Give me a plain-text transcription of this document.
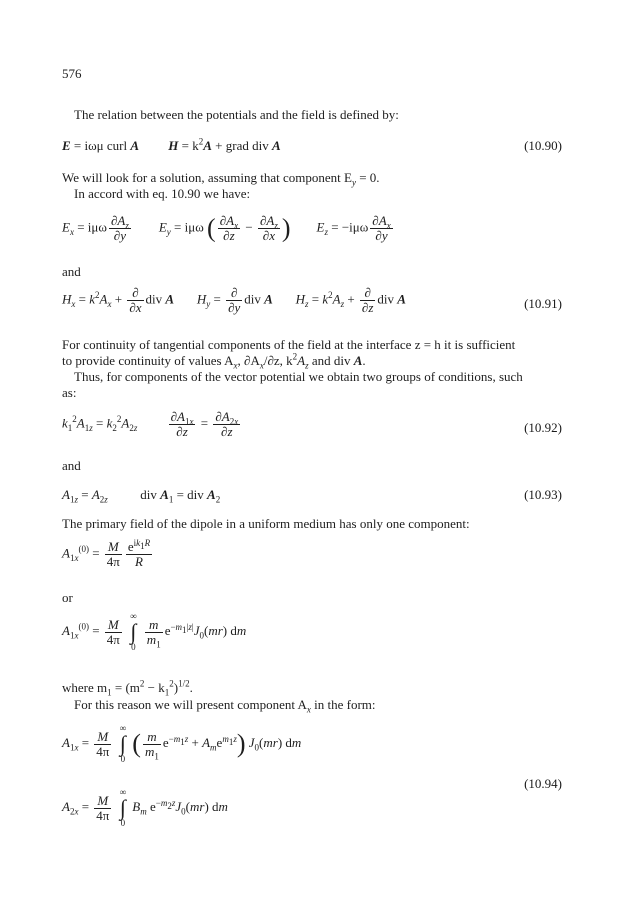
576
The relation between the potentials and the field is defined by:
E = iωμ curl A $H = k^2A$ + grad div A	(10.90)
We will look for a solution, assuming that component $E_y = 0$.
In accord with eq. 10.90 we have:
$E_x = i\mu\omega \frac{\partial A_z}{\partial y} E_y = i\mu\omega$ ( $\frac{\partial A_x}{\partial z} - \frac{\partial A_z}{\partial x}$ ) $E_z = -i\mu\omega \frac{\partial A_x}{\partial y}$
and
$H_x = k^2A_x + \frac{\partial}{\partial x}$ div A $H_y = \frac{\partial}{\partial y}$ div A $H_z = k^2A_z + \frac{\partial}{\partial z}$ div A	(10.91)
For continuity of tangential components of the field at the interface z = h it is sufficient
to provide continuity of values $A_x$, $\partial A_x/\partial z$, $k^2A_z$ and div A.
Thus, for components of the vector potential we obtain two groups of conditions, such
as:
$k_1^2A_{1z} = k_2^2A_{2z} \frac{\partial A_{1x}}{\partial z} = \frac{\partial A_{2x}}{\partial z}$	(10.92)
and
$A_{1z} = A_{2z}$          div $A_1$ = div $A_2$	(10.93)
The primary field of the dipole in a uniform medium has only one component:
$A_{1x}^{(0)} = \frac{M}{4\pi} \frac{e^{ik_1R}}{R}$
or
$A_{1x}^{(0)} = \frac{M}{4\pi}$

∞
∫
0

$\frac{m}{m_1} e^{-m_1|z|}J_0(mr)$ dm
where $m_1 = (m^2 - k_1^2)^{1/2}$.
For this reason we will present component $A_x$ in the form:
$A_{1x} = \frac{M}{4\pi}$

∞
∫
0
( $\frac{m}{m_1} e^{-m_1z} + A_me^{m_1z}$) $J_0(mr)$ dm
(10.94)
$A_{2x} = \frac{M}{4\pi}$

∞
∫
0
$B_m$ $e^{-m_2z}J_0(mr)$ dm
